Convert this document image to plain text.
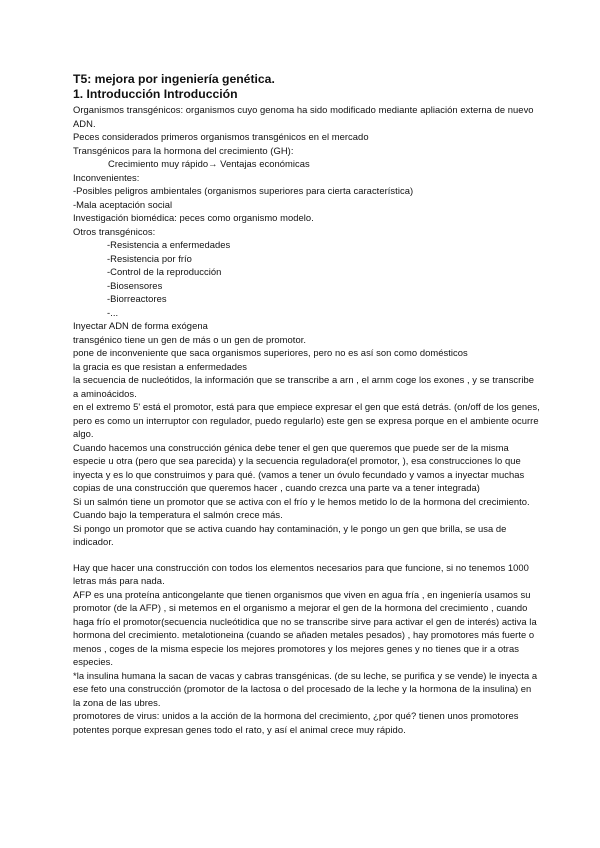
T5: mejora por ingeniería genética.
1. Introducción Introducción

Organismos transgénicos: organismos cuyo genoma ha sido modificado mediante apliación externa de nuevo ADN.

Peces considerados primeros organismos transgénicos en el mercado

Transgénicos para la hormona del crecimiento (GH):

Crecimiento muy rápido→ Ventajas económicas

Inconvenientes:

-Posibles peligros ambientales (organismos superiores para cierta característica)

-Mala aceptación social

Investigación biomédica: peces como organismo modelo.

Otros transgénicos:

-Resistencia a enfermedades

-Resistencia por frío

-Control de la reproducción

-Biosensores

-Biorreactores

-...

Inyectar ADN de forma exógena

transgénico tiene un gen de más o un gen de promotor.

pone de inconveniente que saca organismos superiores, pero no es así son como domésticos

la gracia es que resistan a enfermedades

la secuencia de nucleótidos, la información que se transcribe a arn , el arnm coge los exones , y se transcribe a aminoácidos.

en el extremo 5' está el promotor, está para que empiece expresar el gen que está detrás. (on/off de los genes, pero es como un interruptor con regulador, puedo regularlo) este gen se expresa porque en el ambiente ocurre algo.

Cuando hacemos una construcción génica debe tener el gen que queremos que puede ser de la misma especie u otra (pero que sea parecida) y la secuencia reguladora(el promotor, ), esa construcciones lo que inyecta y es lo que construimos y para qué. (vamos a tener un óvulo fecundado y vamos a inyectar muchas copias de una construcción que queremos hacer , cuando crezca una parte va a tener integrada)

Si un salmón tiene un promotor que se activa con el frío y le hemos metido lo de la hormona del crecimiento. Cuando bajo la temperatura el salmón crece más.

Si pongo un promotor que se activa cuando hay contaminación, y le pongo un gen que brilla, se usa de indicador.

Hay que hacer una construcción con todos los elementos necesarios para que funcione, si no tenemos 1000 letras más para nada.

AFP es una proteína anticongelante que tienen organismos que viven en agua fría , en ingeniería usamos su promotor (de la AFP) , si metemos en el organismo a mejorar el gen de la hormona del crecimiento , cuando haga frío el promotor(secuencia nucleótidica que no se transcribe sirve para activar el gen de interés) activa la hormona del crecimiento. metalotioneina (cuando se añaden metales pesados) , hay promotores más fuerte o menos , coges de la misma especie los mejores promotores y los mejores genes y no tienes que ir a otras especies.

*la insulina humana la sacan de vacas y cabras transgénicas. (de su leche, se purifica y se vende) le inyecta a ese feto una construcción (promotor de la lactosa o del procesado de la leche y la hormona de la insulina) en la zona de las ubres.

promotores de virus: unidos a la acción de la hormona del crecimiento, ¿por qué? tienen unos promotores potentes porque expresan genes todo el rato, y así el animal crece muy rápido.
